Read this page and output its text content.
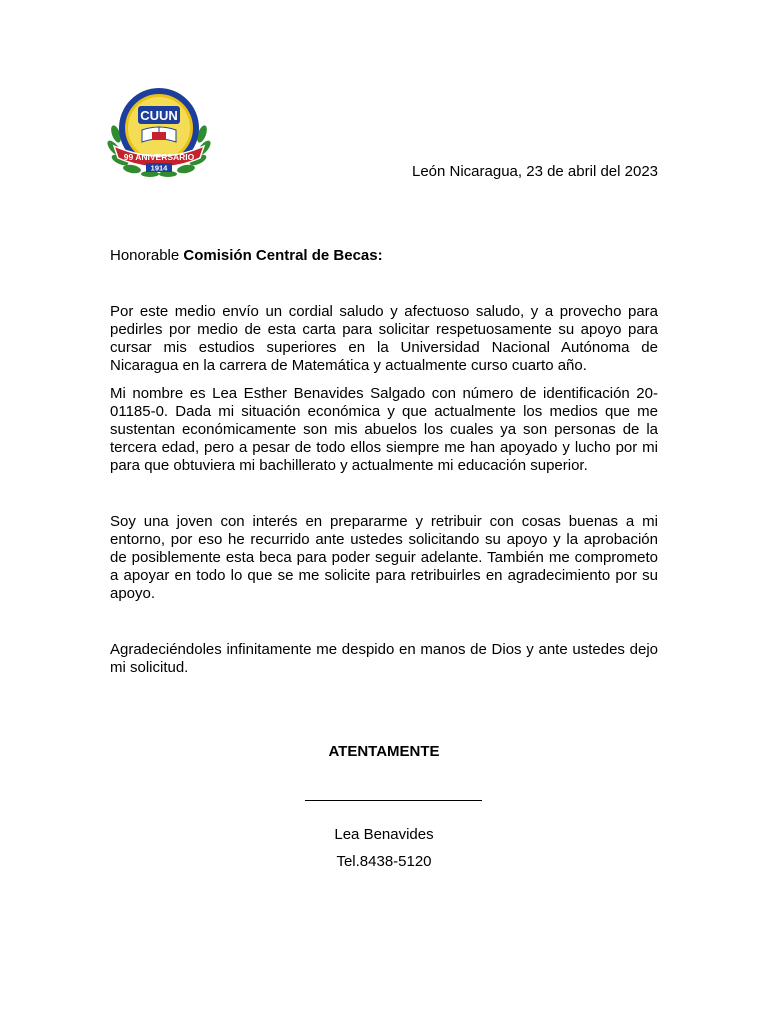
CUUN
99 ANIVERSARIO
1914	León Nicaragua, 23 de abril del 2023
Honorable Comisión Central de Becas:
Por este medio envío un cordial saludo y afectuoso saludo, y a provecho para pedirles por medio de esta carta para solicitar respetuosamente su apoyo para cursar mis estudios superiores en la Universidad Nacional Autónoma de Nicaragua en la carrera de Matemática y actualmente curso cuarto año.
Mi nombre es Lea Esther Benavides Salgado con número de identificación 20-01185-0. Dada mi situación económica y que actualmente los medios que me sustentan económicamente son mis abuelos los cuales ya son personas de la tercera edad, pero a pesar de todo ellos siempre me han apoyado y lucho por mi para que obtuviera mi bachillerato y actualmente mi educación superior.
Soy una joven con interés en prepararme y retribuir con cosas buenas a mi entorno, por eso he recurrido ante ustedes solicitando su apoyo y la aprobación de posiblemente esta beca para poder seguir adelante. También me comprometo a apoyar en todo lo que se me solicite para retribuirles en agradecimiento por su apoyo.
Agradeciéndoles infinitamente me despido en manos de Dios y ante ustedes dejo mi solicitud.
ATENTAMENTE
Lea Benavides
Tel.8438-5120
